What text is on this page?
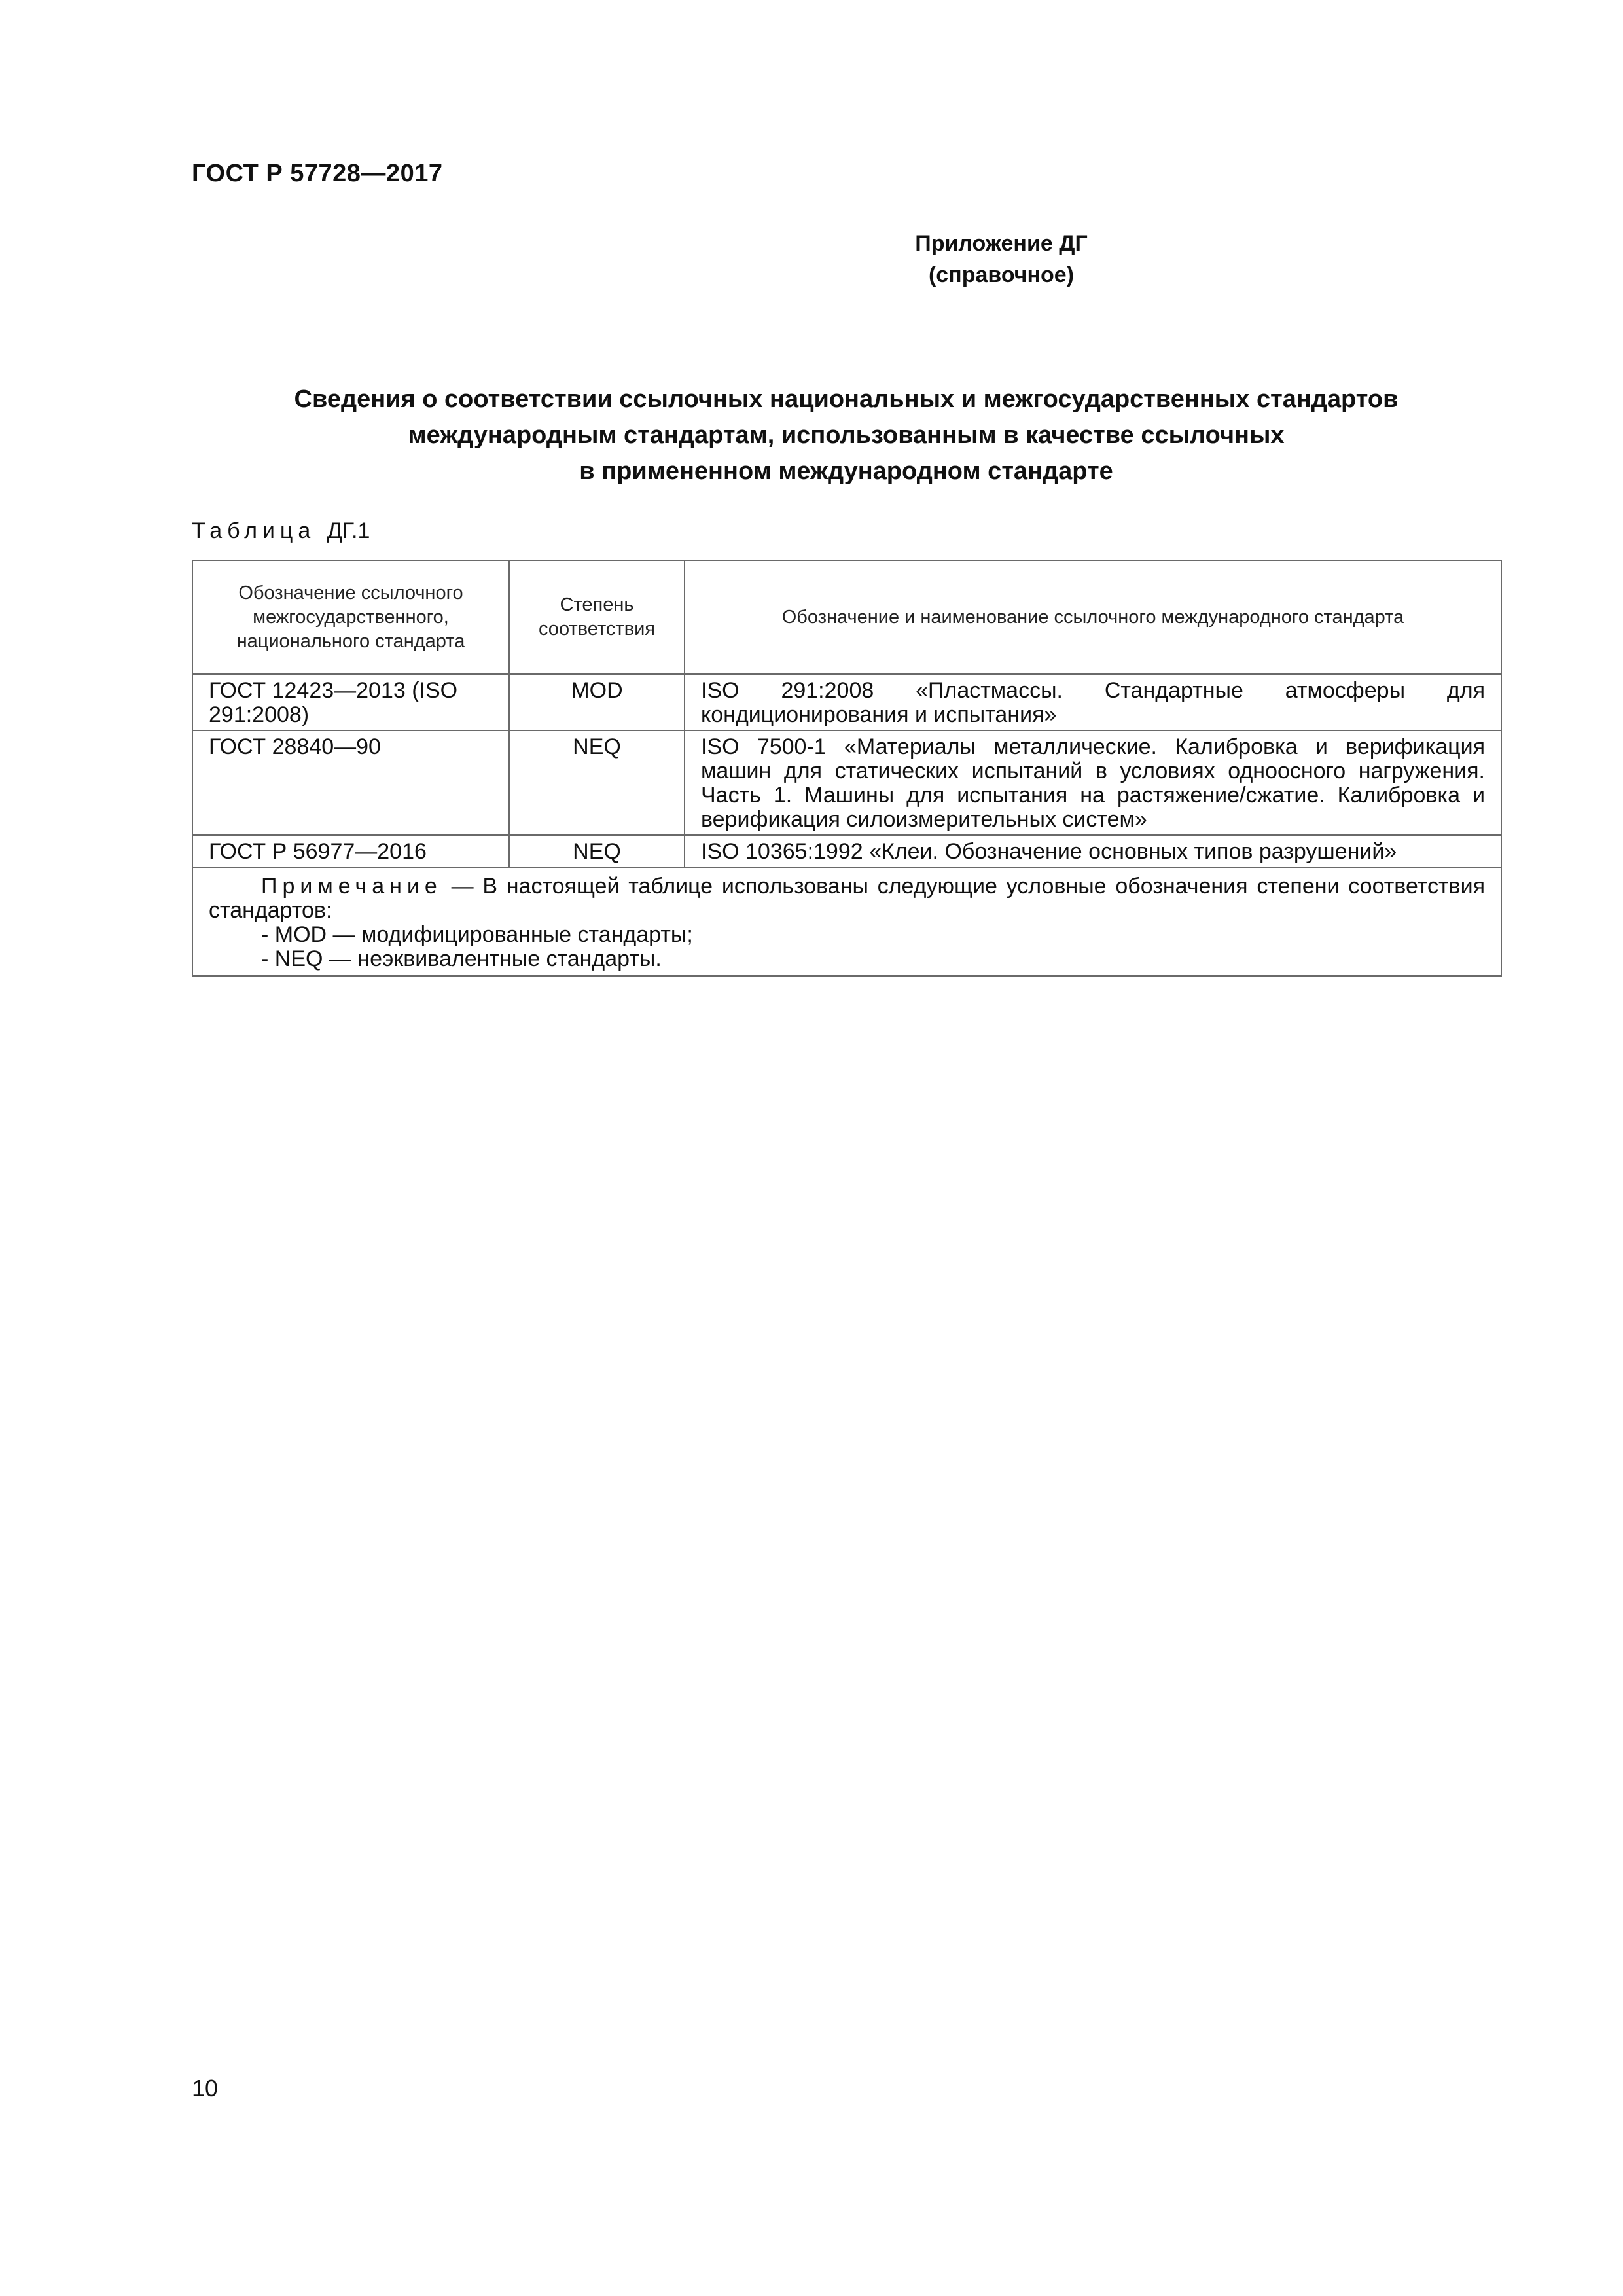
ГОСТ Р 57728—2017
Приложение ДГ
(справочное)
Сведения о соответствии ссылочных национальных и межгосударственных стандартов
международным стандартам, использованным в качестве ссылочных
в примененном международном стандарте
Таблица ДГ.1
Обозначение ссылочного межгосударственного, национального стандарта	Степень соответствия	Обозначение и наименование ссылочного международного стандарта
ГОСТ 12423—2013 (ISO 291:2008)	MOD	ISO 291:2008 «Пластмассы. Стандартные атмосферы для кондиционирования и испытания»
ГОСТ 28840—90	NEQ	ISO 7500-1 «Материалы металлические. Калибровка и верификация машин для статических испытаний в условиях одноосного нагружения. Часть 1. Машины для испытания на растяжение/сжатие. Калибровка и верификация силоизмерительных систем»
ГОСТ Р 56977—2016	NEQ	ISO 10365:1992 «Клеи. Обозначение основных типов разрушений»

Примечание — В настоящей таблице использованы следующие условные обозначения степени соответствия стандартов:
- MOD — модифицированные стандарты;
- NEQ — неэквивалентные стандарты.		
10
